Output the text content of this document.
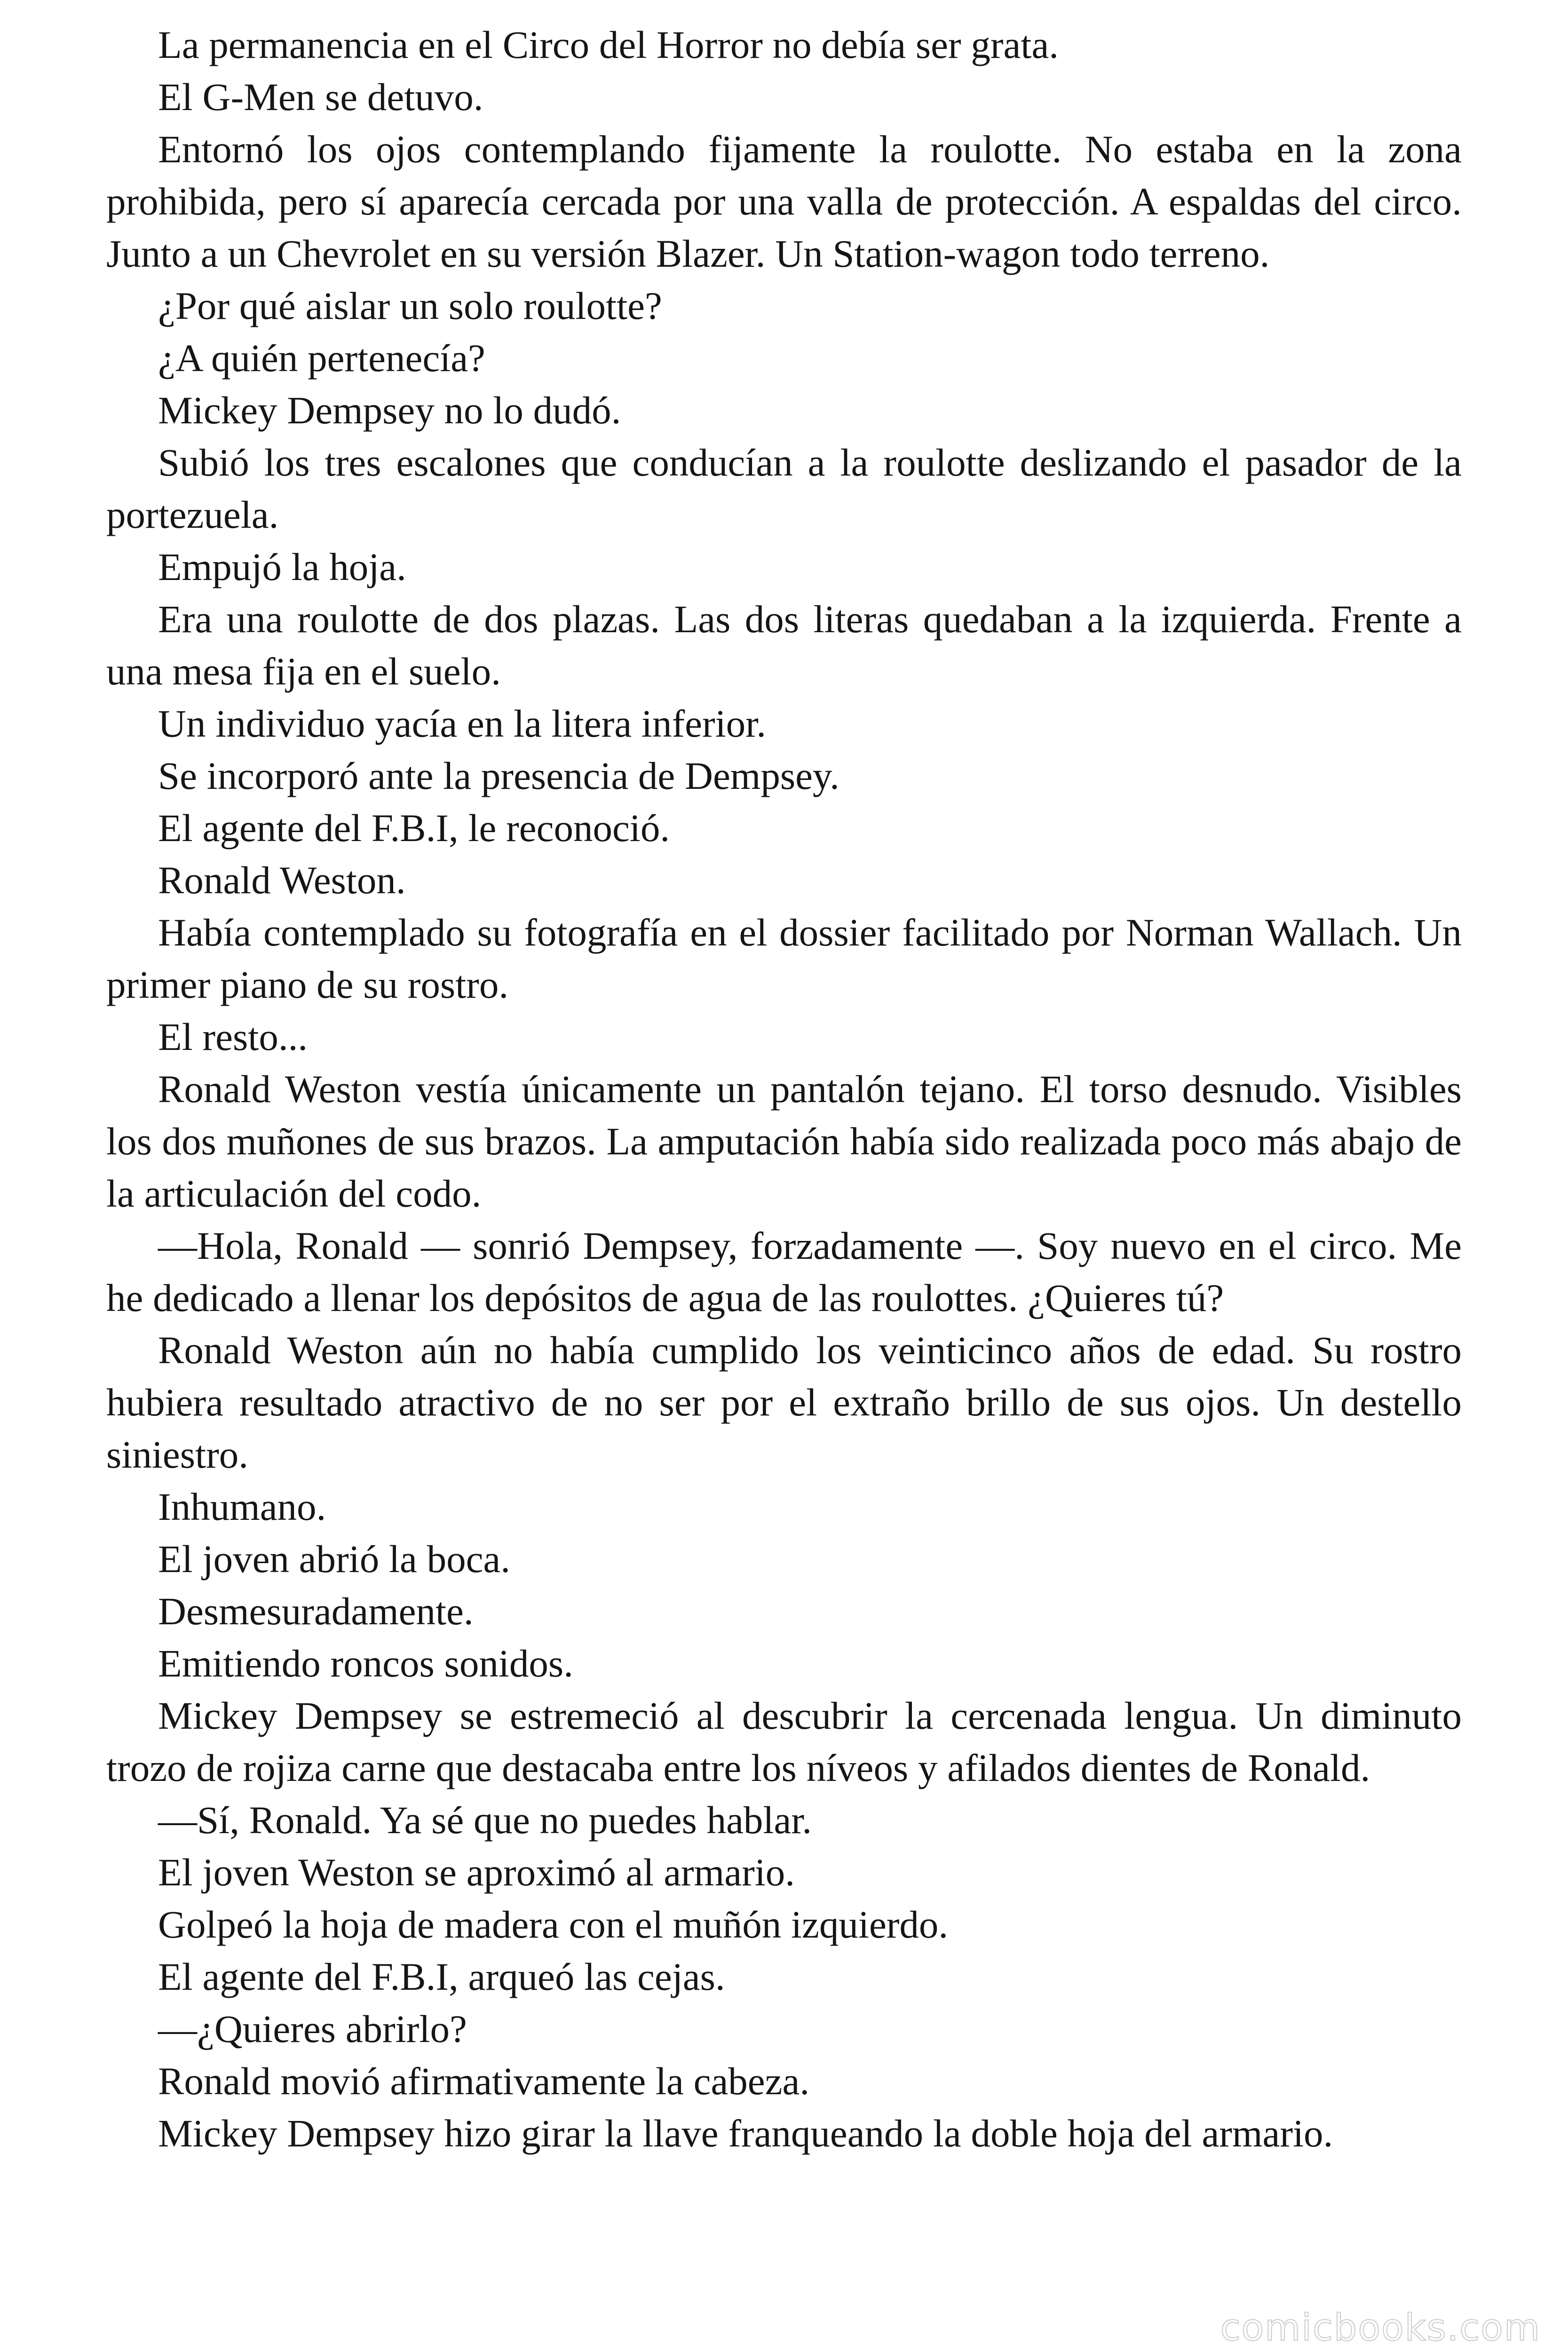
La permanencia en el Circo del Horror no debía ser grata.

El G-Men se detuvo.

Entornó los ojos contemplando fijamente la roulotte. No estaba en la zona prohibida, pero sí aparecía cercada por una valla de protección. A espaldas del circo. Junto a un Chevrolet en su versión Blazer. Un Station-wagon todo terreno.

¿Por qué aislar un solo roulotte?

¿A quién pertenecía?

Mickey Dempsey no lo dudó.

Subió los tres escalones que conducían a la roulotte deslizando el pasador de la portezuela.

Empujó la hoja.

Era una roulotte de dos plazas. Las dos literas quedaban a la izquierda. Frente a una mesa fija en el suelo.

Un individuo yacía en la litera inferior.

Se incorporó ante la presencia de Dempsey.

El agente del F.B.I, le reconoció.

Ronald Weston.

Había contemplado su fotografía en el dossier facilitado por Norman Wallach. Un primer piano de su rostro.

El resto...

Ronald Weston vestía únicamente un pantalón tejano. El torso desnudo. Visibles los dos muñones de sus brazos. La amputación había sido realizada poco más abajo de la articulación del codo.

—Hola, Ronald — sonrió Dempsey, forzadamente —. Soy nuevo en el circo. Me he dedicado a llenar los depósitos de agua de las roulottes. ¿Quieres tú?

Ronald Weston aún no había cumplido los veinticinco años de edad. Su rostro hubiera resultado atractivo de no ser por el extraño brillo de sus ojos. Un destello siniestro.

Inhumano.

El joven abrió la boca.

Desmesuradamente.

Emitiendo roncos sonidos.

Mickey Dempsey se estremeció al descubrir la cercenada lengua. Un diminuto trozo de rojiza carne que destacaba entre los níveos y afilados dientes de Ronald.

—Sí, Ronald. Ya sé que no puedes hablar.

El joven Weston se aproximó al armario.

Golpeó la hoja de madera con el muñón izquierdo.

El agente del F.B.I, arqueó las cejas.

—¿Quieres abrirlo?

Ronald movió afirmativamente la cabeza.

Mickey Dempsey hizo girar la llave franqueando la doble hoja del armario.

comicbooks.com
